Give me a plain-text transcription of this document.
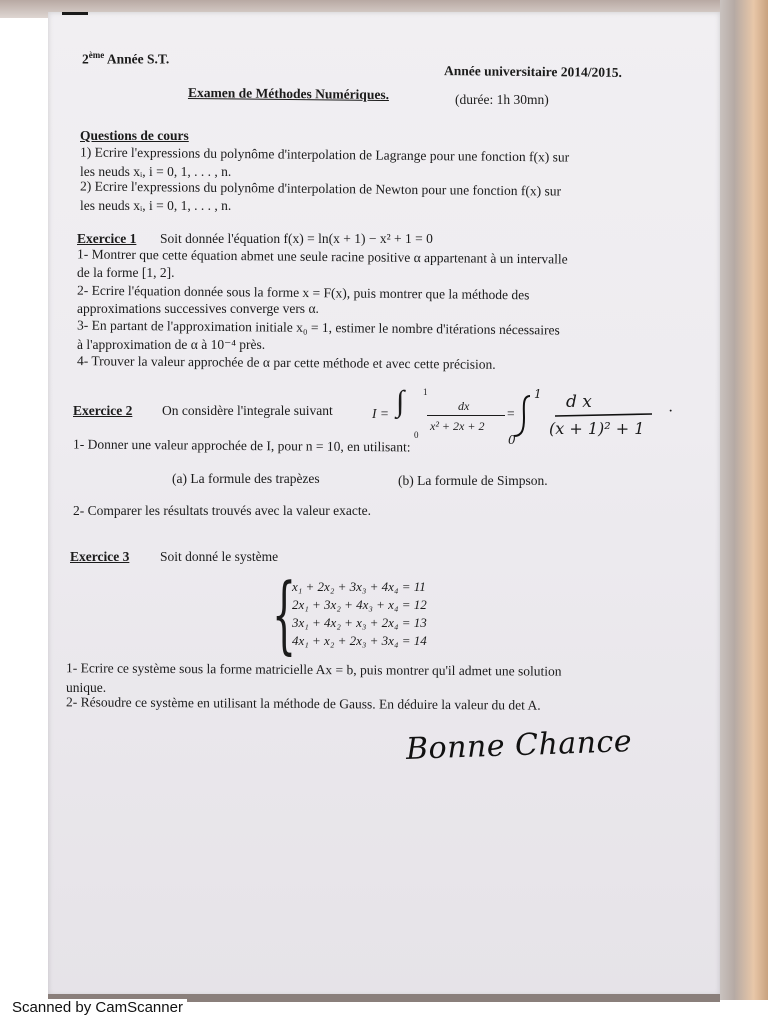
2ème Année S.T.
Année universitaire 2014/2015.
Examen de Méthodes Numériques.	(durée: 1h 30mn)
Questions de cours
1) Ecrire l'expressions du polynôme d'interpolation de Lagrange pour une fonction f(x) sur
les neuds xᵢ, i = 0, 1, . . . , n.
2) Ecrire l'expressions du polynôme d'interpolation de Newton pour une fonction f(x) sur
les neuds xᵢ, i = 0, 1, . . . , n.
Exercice 1 Soit donnée l'équation f(x) = ln(x + 1) − x² + 1 = 0
1- Montrer que cette équation abmet une seule racine positive α appartenant à un intervalle
de la forme [1, 2].
2- Ecrire l'équation donnée sous la forme x = F(x), puis montrer que la méthode des
approximations successives converge vers α.
3- En partant de l'approximation initiale x₀ = 1, estimer le nombre d'itérations nécessaires
à l'approximation de α à 10⁻⁴ près.
4- Trouver la valeur approchée de α par cette méthode et avec cette précision.
Exercice 2 On considère l'integrale suivant	I = ∫ 1
0
dx
x² + 2x + 2
=
1
0
d x
(x + 1)² + 1
·
1- Donner une valeur approchée de I, pour n = 10, en utilisant:
(a) La formule des trapèzes	(b) La formule de Simpson.
2- Comparer les résultats trouvés avec la valeur exacte.
Exercice 3 Soit donné le système
{
x₁ + 2x₂ + 3x₃ + 4x₄ = 11
2x₁ + 3x₂ + 4x₃ + x₄ = 12
3x₁ + 4x₂ + x₃ + 2x₄ = 13
4x₁ + x₂ + 2x₃ + 3x₄ = 14
1- Ecrire ce système sous la forme matricielle Ax = b, puis montrer qu'il admet une solution
unique.
2- Résoudre ce système en utilisant la méthode de Gauss. En déduire la valeur du det A.
Bonne Chance
Scanned by CamScanner
